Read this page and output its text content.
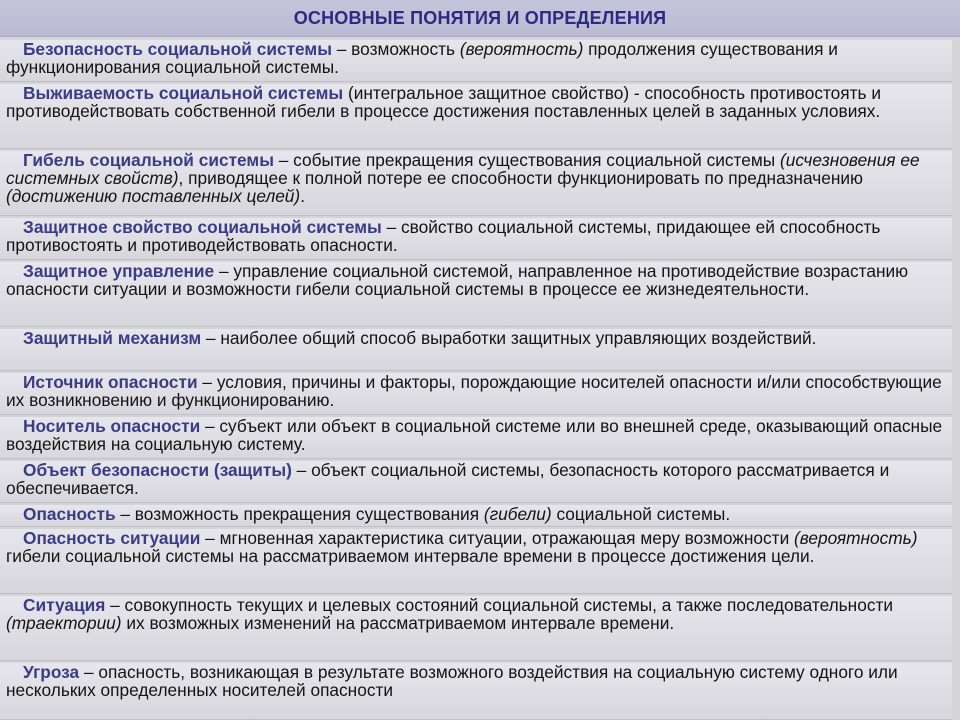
ОСНОВНЫЕ ПОНЯТИЯ И ОПРЕДЕЛЕНИЯ

Безопасность социальной системы – возможность (вероятность) продолжения существования и функционирования социальной системы.

Выживаемость социальной системы (интегральное защитное свойство) - способность противостоять и противодействовать собственной гибели в процессе достижения поставленных целей в заданных условиях.

Гибель социальной системы – событие прекращения существования социальной системы (исчезновения ее системных свойств), приводящее к полной потере ее способности функционировать по предназначению (достижению поставленных целей).

Защитное свойство социальной системы – свойство социальной системы, придающее ей способность противостоять и противодействовать опасности.

Защитное управление – управление социальной системой, направленное на противодействие возрастанию опасности ситуации и возможности гибели социальной системы в процессе ее жизнедеятельности.

Защитный механизм – наиболее общий способ выработки защитных управляющих воздействий.

Источник опасности – условия, причины и факторы, порождающие носителей опасности и/или способствующие их возникновению и функционированию.

Носитель опасности – субъект или объект в социальной системе или во внешней среде, оказывающий опасные воздействия на социальную систему.

Объект безопасности (защиты) – объект социальной системы, безопасность которого рассматривается и обеспечивается.

Опасность – возможность прекращения существования (гибели) социальной системы.

Опасность ситуации – мгновенная характеристика ситуации, отражающая меру возможности (вероятность) гибели социальной системы на рассматриваемом интервале времени в процессе достижения цели.

Ситуация – совокупность текущих и целевых состояний социальной системы, а также последовательности (траектории) их возможных изменений на рассматриваемом интервале времени.

Угроза – опасность, возникающая в результате возможного воздействия на социальную систему одного или нескольких определенных носителей опасности
